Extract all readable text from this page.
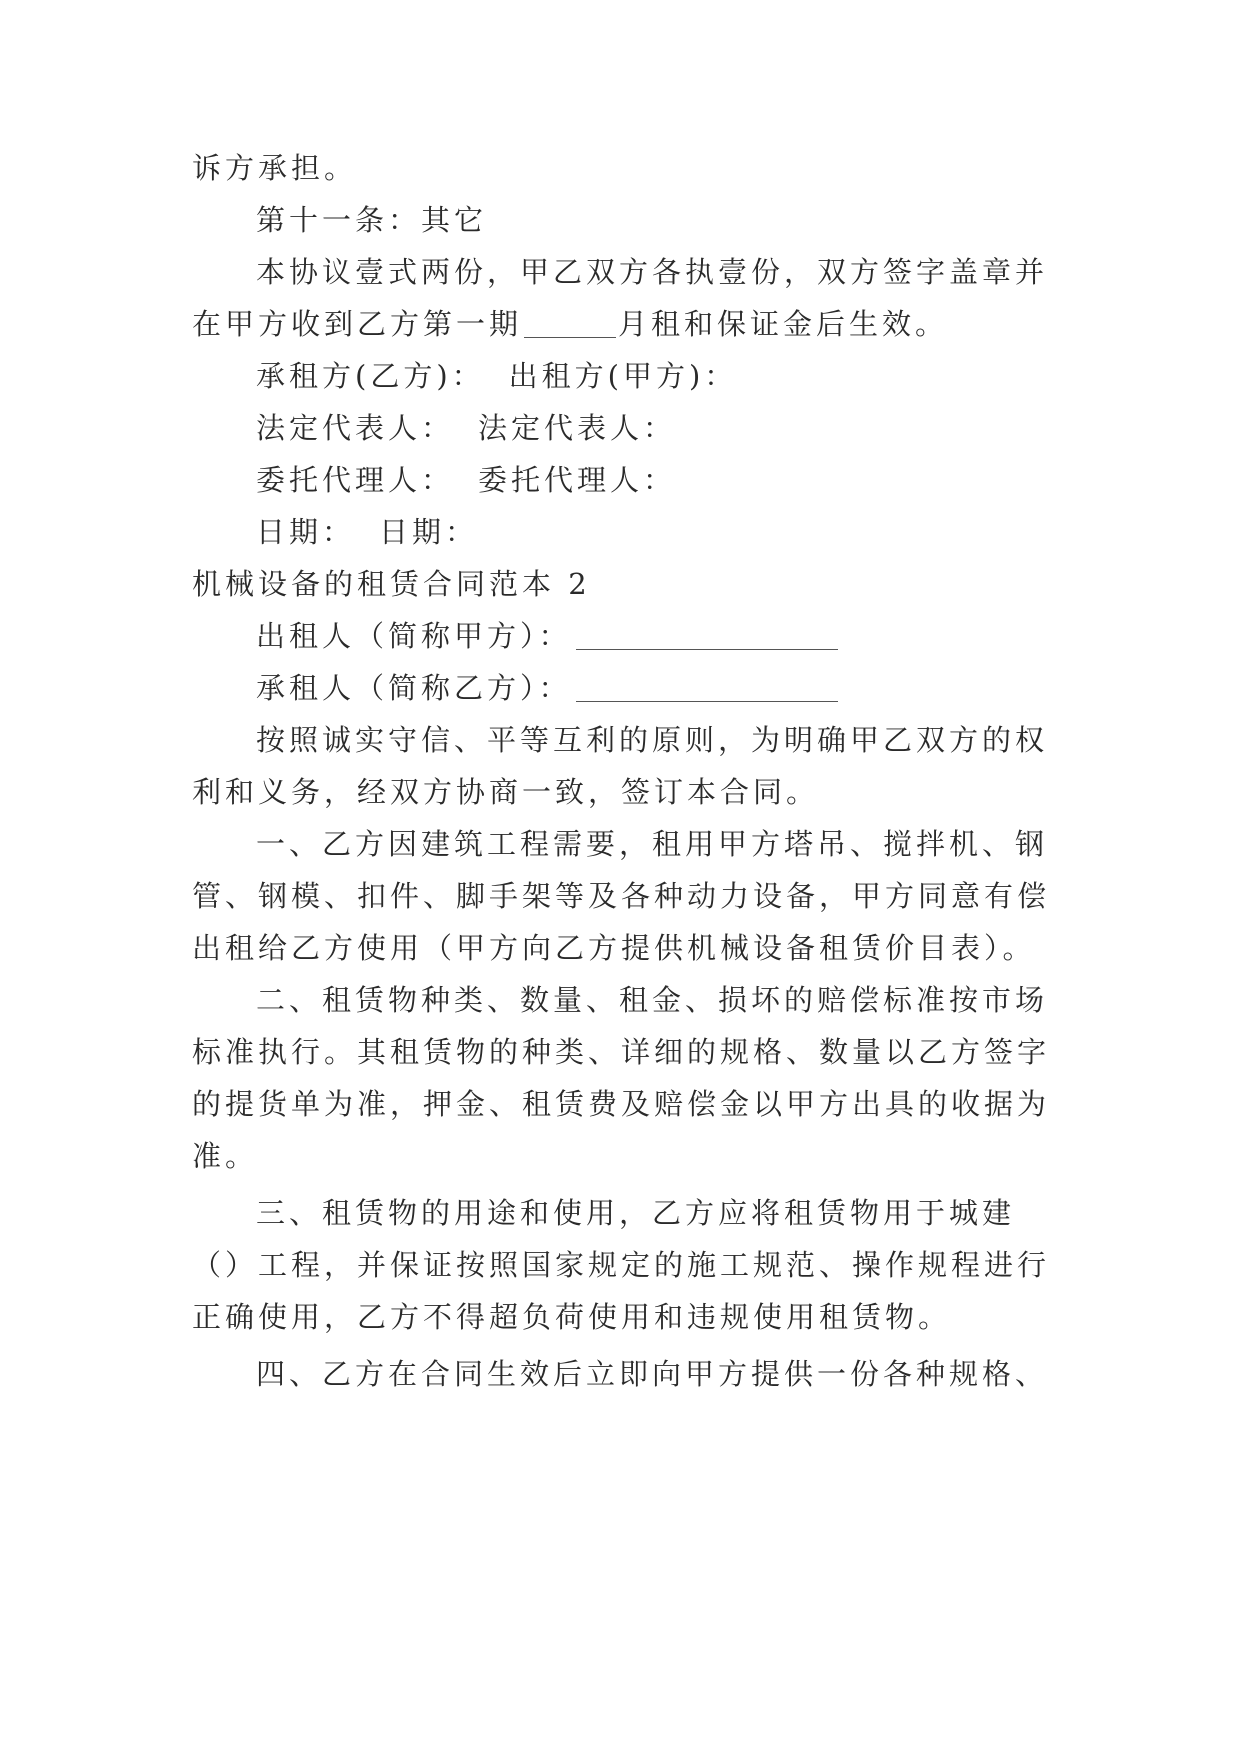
诉方承担。
第十一条：其它
本协议壹式两份，甲乙双方各执壹份，双方签字盖章并
在甲方收到乙方第一期	月租和保证金后生效。
承租方(乙方)： 出租方(甲方)：
法定代表人： 法定代表人：
委托代理人： 委托代理人：
日期： 日期：
机械设备的租赁合同范本 2
出租人（简称甲方）：
承租人（简称乙方）：
按照诚实守信、平等互利的原则，为明确甲乙双方的权
利和义务，经双方协商一致，签订本合同。
一、乙方因建筑工程需要，租用甲方塔吊、搅拌机、钢
管、钢模、扣件、脚手架等及各种动力设备，甲方同意有偿
出租给乙方使用（甲方向乙方提供机械设备租赁价目表）。
二、租赁物种类、数量、租金、损坏的赔偿标准按市场
标准执行。其租赁物的种类、详细的规格、数量以乙方签字
的提货单为准，押金、租赁费及赔偿金以甲方出具的收据为
准。
三、租赁物的用途和使用，乙方应将租赁物用于城建
（）工程，并保证按照国家规定的施工规范、操作规程进行
正确使用，乙方不得超负荷使用和违规使用租赁物。
四、乙方在合同生效后立即向甲方提供一份各种规格、
